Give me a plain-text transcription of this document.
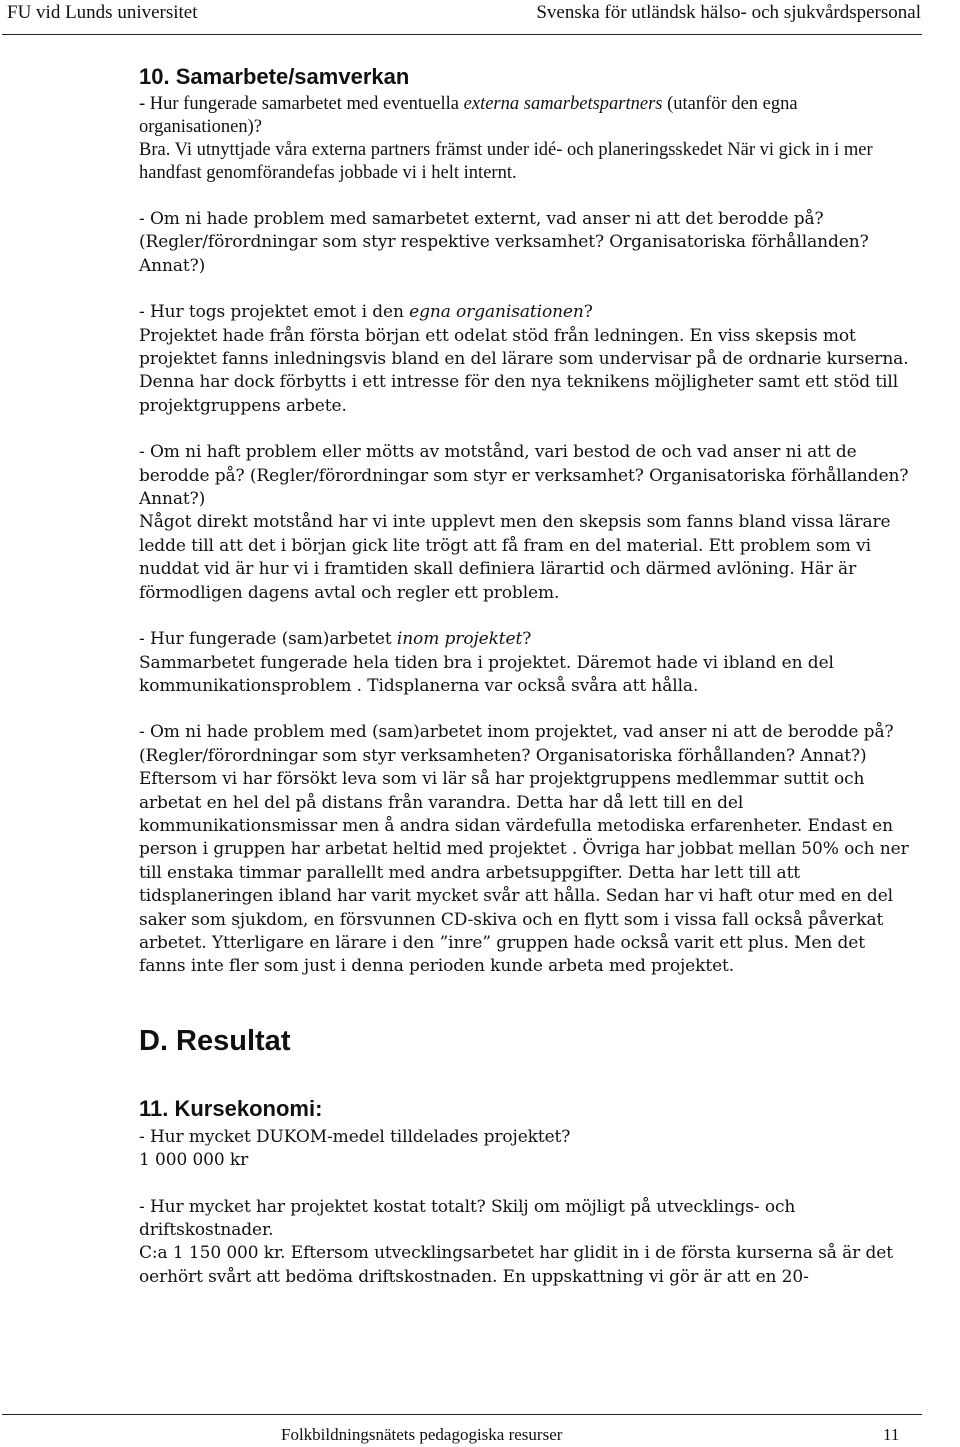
FU vid Lunds universitet	Svenska för utländsk hälso- och sjukvårdspersonal
10. Samarbete/samverkan

- Hur fungerade samarbetet med eventuella externa samarbetspartners (utanför den egna organisationen)?

Bra. Vi utnyttjade våra externa partners främst under idé- och planeringsskedet När vi gick in i mer handfast genomförandefas jobbade vi i helt internt.

- Om ni hade problem med samarbetet externt, vad anser ni att det berodde på? (Regler/förordningar som styr respektive verksamhet? Organisatoriska förhållanden? Annat?)

- Hur togs projektet emot i den egna organisationen?

Projektet hade från första början ett odelat stöd från ledningen. En viss skepsis mot projektet fanns inledningsvis bland en del lärare som undervisar på de ordnarie kurserna. Denna har dock förbytts i ett intresse för den nya teknikens möjligheter samt ett stöd till projektgruppens arbete.

- Om ni haft problem eller mötts av motstånd, vari bestod de och vad anser ni att de berodde på? (Regler/förordningar som styr er verksamhet? Organisatoriska förhållanden? Annat?)

Något direkt motstånd har vi inte upplevt men den skepsis som fanns bland vissa lärare ledde till att det i början gick lite trögt att få fram en del material. Ett problem som vi nuddat vid är hur vi i framtiden skall definiera lärartid och därmed avlöning. Här är förmodligen dagens avtal och regler ett problem.

- Hur fungerade (sam)arbetet inom projektet?

Sammarbetet fungerade hela tiden bra i projektet. Däremot hade vi ibland en del kommunikationsproblem . Tidsplanerna var också svåra att hålla.

- Om ni hade problem med (sam)arbetet inom projektet, vad anser ni att de berodde på? (Regler/förordningar som styr verksamheten? Organisatoriska förhållanden? Annat?)

Eftersom vi har försökt leva som vi lär så har projektgruppens medlemmar suttit och arbetat en hel del på distans från varandra. Detta har då lett till en del kommunikationsmissar men å andra sidan värdefulla metodiska erfarenheter. Endast en person i gruppen har arbetat heltid med projektet . Övriga har jobbat mellan 50% och ner till enstaka timmar parallellt med andra arbetsuppgifter. Detta har lett till att tidsplaneringen ibland har varit mycket svår att hålla. Sedan har vi haft otur med en del saker som sjukdom, en försvunnen CD-skiva och en flytt som i vissa fall också påverkat arbetet. Ytterligare en lärare i den ”inre” gruppen hade också varit ett plus. Men det fanns inte fler som just i denna perioden kunde arbeta med projektet.

D. Resultat
11. Kursekonomi:

- Hur mycket DUKOM-medel tilldelades projektet?

1 000 000 kr

- Hur mycket har projektet kostat totalt? Skilj om möjligt på utvecklings- och driftskostnader.

C:a 1 150 000 kr. Eftersom utvecklingsarbetet har glidit in i de första kurserna så är det oerhört svårt att bedöma driftskostnaden. En uppskattning vi gör är att en 20-

Folkbildningsnätets pedagogiska resurser	11
